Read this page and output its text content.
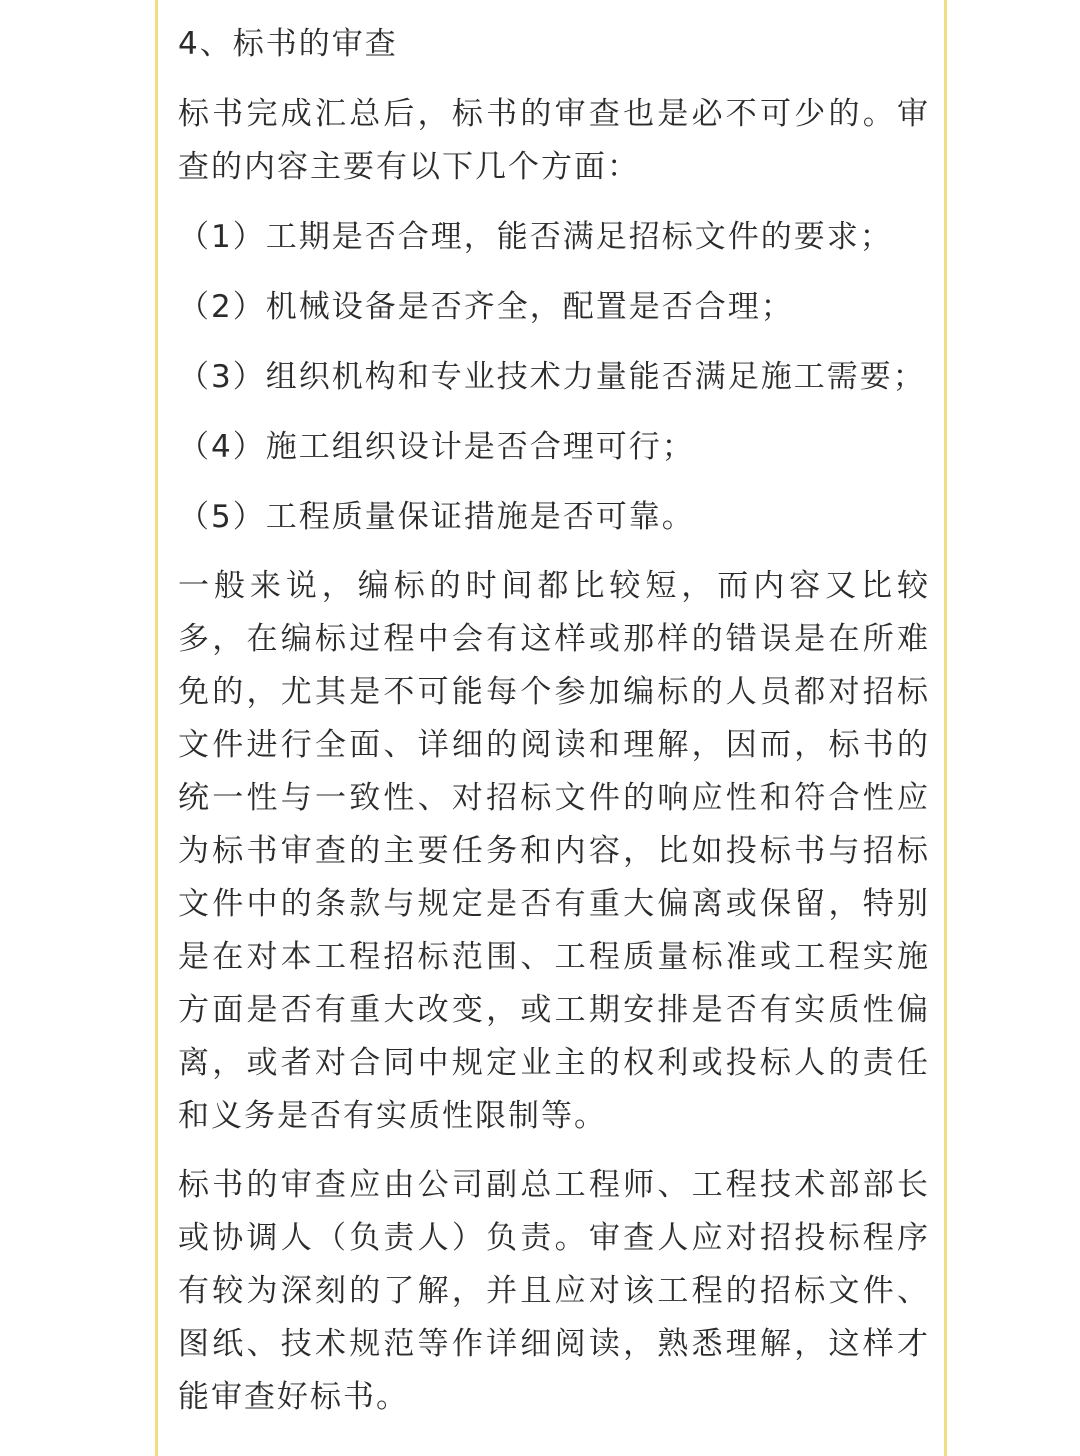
4、标书的审查

标书完成汇总后，标书的审查也是必不可少的。审查的内容主要有以下几个方面：

（1）工期是否合理，能否满足招标文件的要求；

（2）机械设备是否齐全，配置是否合理；

（3）组织机构和专业技术力量能否满足施工需要；

（4）施工组织设计是否合理可行；

（5）工程质量保证措施是否可靠。

一般来说，编标的时间都比较短，而内容又比较多，在编标过程中会有这样或那样的错误是在所难免的，尤其是不可能每个参加编标的人员都对招标文件进行全面、详细的阅读和理解，因而，标书的统一性与一致性、对招标文件的响应性和符合性应为标书审查的主要任务和内容，比如投标书与招标文件中的条款与规定是否有重大偏离或保留，特别是在对本工程招标范围、工程质量标准或工程实施方面是否有重大改变，或工期安排是否有实质性偏离，或者对合同中规定业主的权利或投标人的责任和义务是否有实质性限制等。

标书的审查应由公司副总工程师、工程技术部部长或协调人（负责人）负责。审查人应对招投标程序有较为深刻的了解，并且应对该工程的招标文件、图纸、技术规范等作详细阅读，熟悉理解，这样才能审查好标书。
